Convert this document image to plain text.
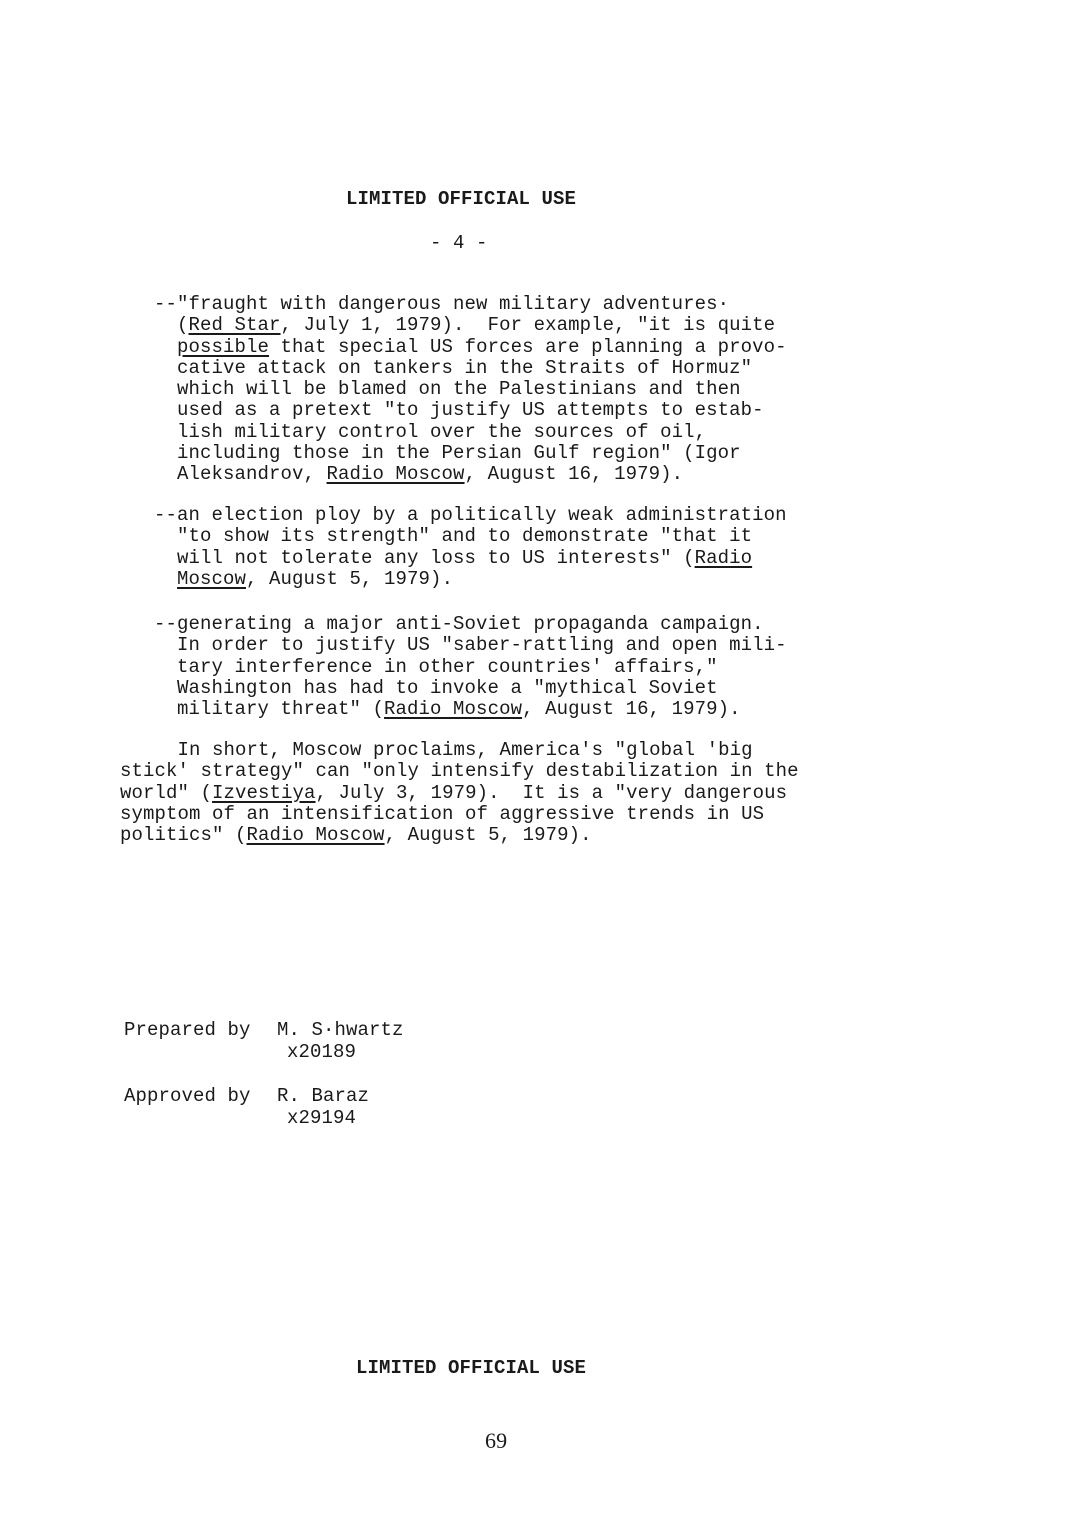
LIMITED OFFICIAL USE
- 4 -
--"fraught with dangerous new military adventures·
(Red Star, July 1, 1979).  For example, "it is quite
possible that special US forces are planning a provo-
cative attack on tankers in the Straits of Hormuz"
which will be blamed on the Palestinians and then
used as a pretext "to justify US attempts to estab-
lish military control over the sources of oil,
including those in the Persian Gulf region" (Igor
Aleksandrov, Radio Moscow, August 16, 1979).
--an election ploy by a politically weak administration
"to show its strength" and to demonstrate "that it
will not tolerate any loss to US interests" (Radio
Moscow, August 5, 1979).
--generating a major anti-Soviet propaganda campaign.
In order to justify US "saber-rattling and open mili-
tary interference in other countries' affairs,"
Washington has had to invoke a "mythical Soviet
military threat" (Radio Moscow, August 16, 1979).
In short, Moscow proclaims, America's "global 'big
stick' strategy" can "only intensify destabilization in the
world" (Izvestiya, July 3, 1979).  It is a "very dangerous
symptom of an intensification of aggressive trends in US
politics" (Radio Moscow, August 5, 1979).
Prepared by M. S·hwartz
x20189
Approved by R. Baraz
x29194
LIMITED OFFICIAL USE
69
